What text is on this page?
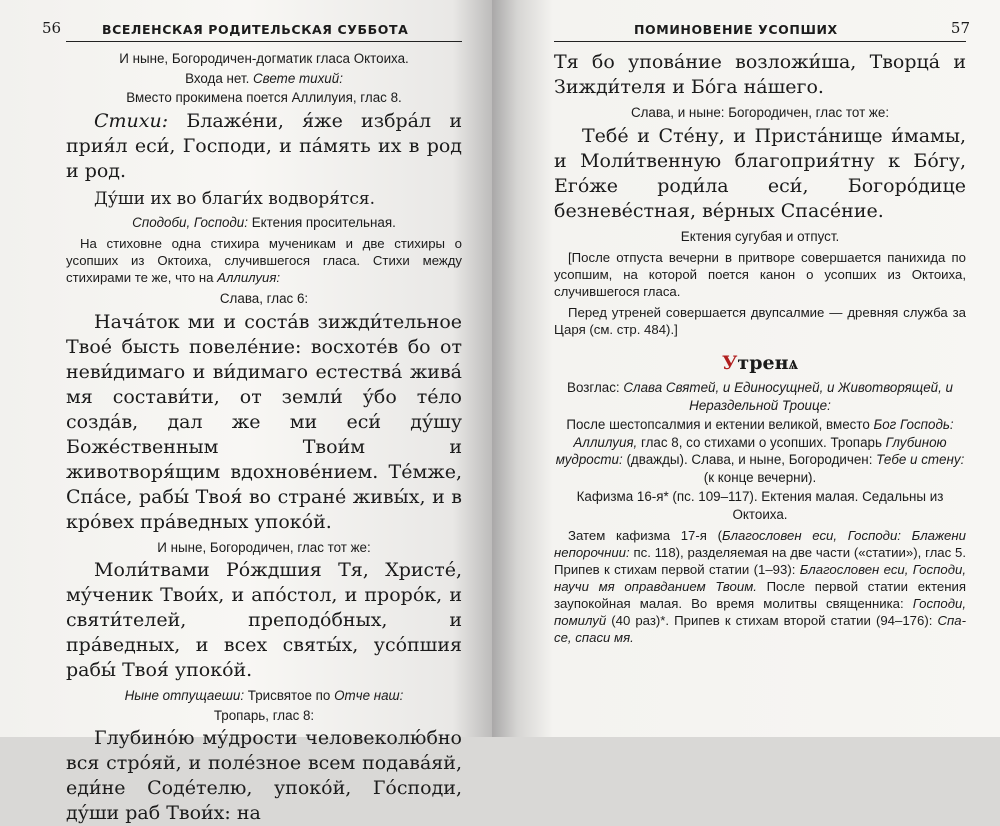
56	ВСЕЛЕНСКАЯ РОДИТЕЛЬСКАЯ СУББОТА
И ныне, Богородичен-догматик гласа Октоиха.
Входа нет. Свете тихий:
Вместо прокимена поется Аллилуия, глас 8.

Стихи: Блаже́ни, я́же избра́л и прия́л еси́, Господи, и па́мять их в род и род.

Ду́ши их во благи́х водворя́тся.

Сподоби, Господи: Ектения просительная.

На стиховне одна стихира мученикам и две стихиры о усопших из Октоиха, случившегося гласа. Стихи между стихирами те же, что на Аллилуия:

Слава, глас 6:

Нача́ток ми и соста́в зижди́тельное Твое́ бысть повеле́ние: восхоте́в бо от неви́димаго и ви́димаго естества́ жива́ мя состави́ти, от земли́ у́бо те́ло созда́в, дал же ми еси́ ду́шу Боже́ственным Твои́м и животворя́щим вдохнове́нием. Те́мже, Спа́се, рабы́ Твоя́ во стране́ живы́х, и в кро́вех пра́ведных упоко́й.

И ныне, Богородичен, глас тот же:

Моли́твами Ро́ждшия Тя, Христе́, му́ченик Твои́х, и апо́стол, и проро́к, и святи́телей, преподо́бных, и пра́ведных, и всех святы́х, усо́пшия рабы́ Твоя́ упоко́й.

Ныне отпущаеши: Трисвятое по Отче наш:
Тропарь, глас 8:

Глубино́ю му́дрости человеколю́бно вся стро́яй, и поле́зное всем подава́яй, еди́не Соде́телю, упоко́й, Го́споди, ду́ши раб Твои́х: на

ПОМИНОВЕНИЕ УСОПШИХ	57

Тя бо упова́ние возложи́ша, Творца́ и Зижди́теля и Бо́га на́шего.

Слава, и ныне: Богородичен, глас тот же:

Тебе́ и Сте́ну, и Приста́нище и́мамы, и Моли́твенную благоприя́тну к Бо́гу, Его́же роди́ла еси́, Богоро́дице безневе́стная, ве́рных Спасе́ние.

Ектения сугубая и отпуст.

[После отпуста вечерни в притворе совершается панихида по усопшим, на которой поется канон о усопших из Октоиха, случившегося гласа.

Перед утреней совершается двупсалмие — древняя служба за Царя (см. стр. 484).]

Утренѧ
Возглас: Слава Святей, и Единосущней, и Животворящей, и Нераздельной Троице:
После шестопсалмия и ектении великой, вместо Бог Господь: Аллилуия, глас 8, со стихами о усопших. Тропарь Глубиною мудрости: (дважды). Слава, и ныне, Богородичен: Тебе и стену: (к конце вечерни).
Кафизма 16-я* (пс. 109–117). Ектения малая. Седальны из Октоиха.

Затем кафизма 17-я (Благословен еси, Господи: Блажени непорочнии: пс. 118), разделяемая на две части («статии»), глас 5. Припев к стихам первой статии (1–93): Благословен еси, Господи, научи мя оправданием Твоим. После первой статии ектения заупокойная малая. Во время молитвы священника: Господи, помилуй (40 раз)*. Припев к стихам второй статии (94–176): Спасе, спаси мя.
